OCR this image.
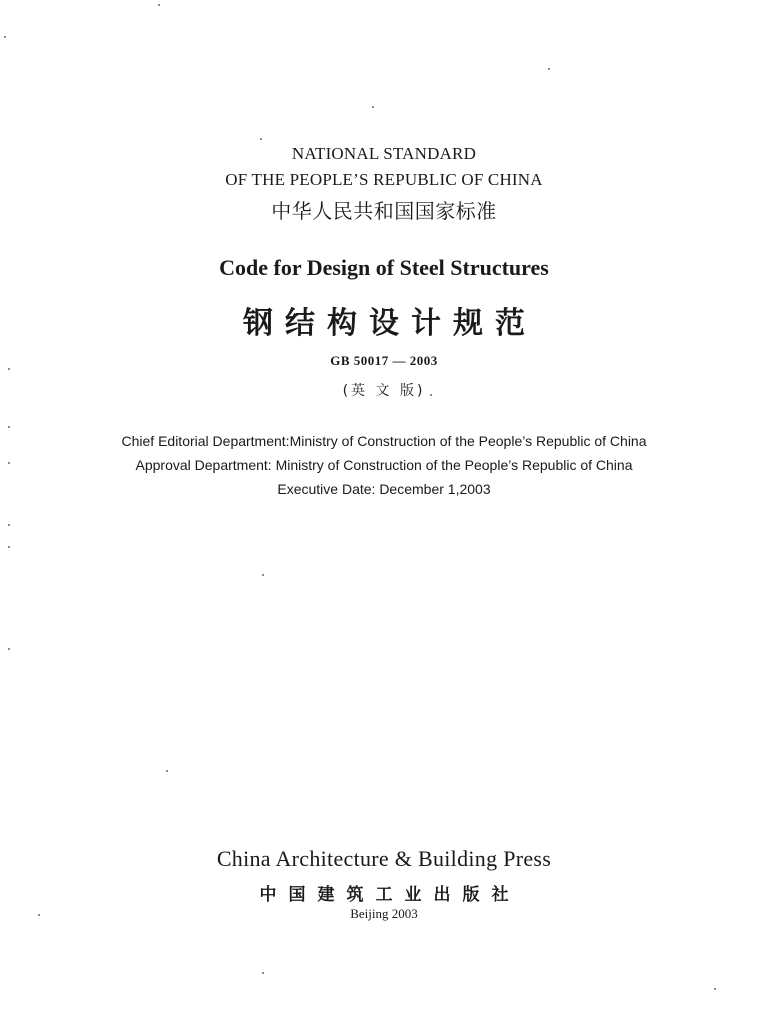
NATIONAL STANDARD
OF THE PEOPLE’S REPUBLIC OF CHINA
中华人民共和国国家标准
Code for Design of Steel Structures
钢结构设计规范
GB 50017 — 2003
(英 文 版)
Chief Editorial Department:Ministry of Construction of the People’s Republic of China
Approval Department: Ministry of Construction of the People’s Republic of China
Executive Date: December 1,2003
China Architecture & Building Press
中国建筑工业出版社
Beijing 2003
